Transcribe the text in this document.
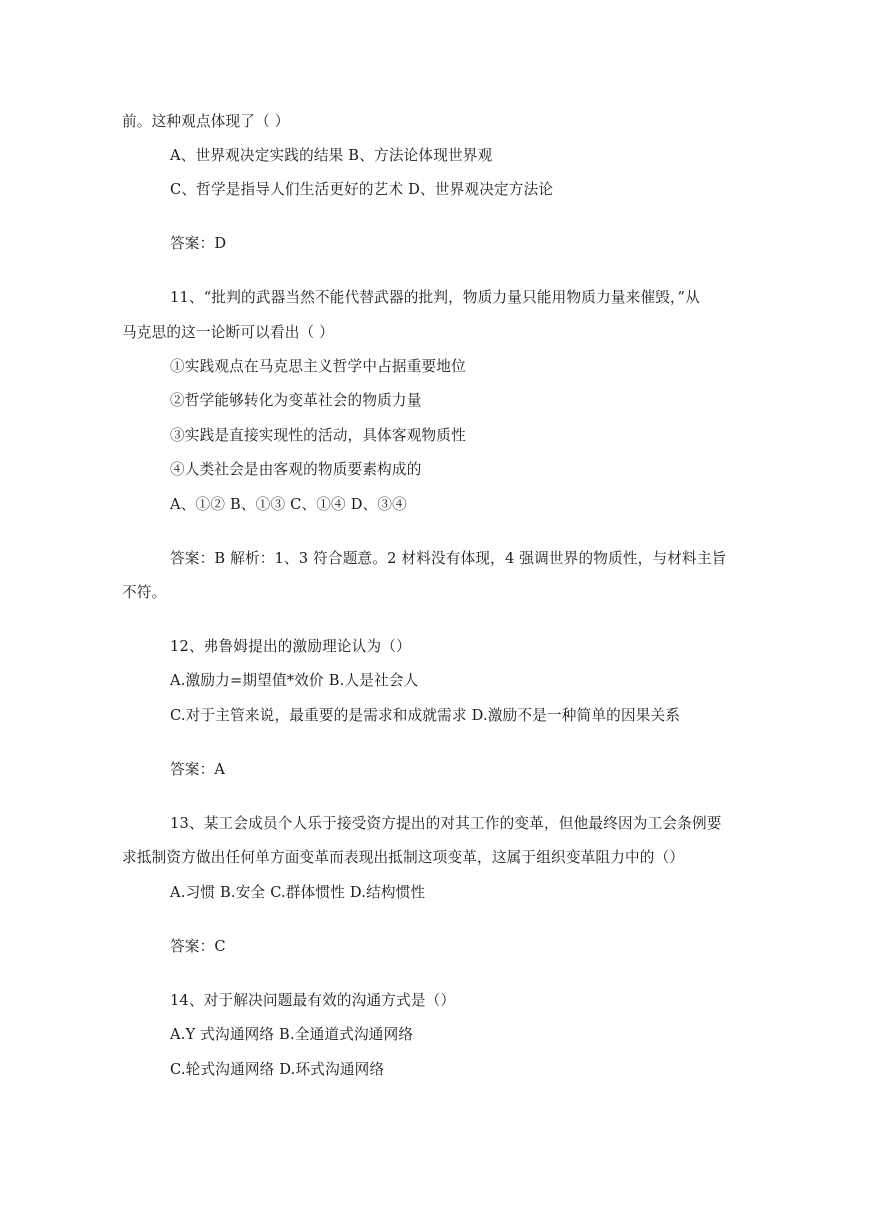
前。这种观点体现了（ ）
A、世界观决定实践的结果 B、方法论体现世界观
C、哲学是指导人们生活更好的艺术 D、世界观决定方法论
答案：D
11、“批判的武器当然不能代替武器的批判，物质力量只能用物质力量来催毁，”从
马克思的这一论断可以看出（ ）
①实践观点在马克思主义哲学中占据重要地位
②哲学能够转化为变革社会的物质力量
③实践是直接实现性的活动，具体客观物质性
④人类社会是由客观的物质要素构成的
A、①② B、①③ C、①④ D、③④
答案：B 解析：1、3 符合题意。2 材料没有体现，4 强调世界的物质性，与材料主旨
不符。
12、弗鲁姆提出的激励理论认为（）
A.激励力=期望值*效价 B.人是社会人
C.对于主管来说，最重要的是需求和成就需求 D.激励不是一种简单的因果关系
答案：A
13、某工会成员个人乐于接受资方提出的对其工作的变革，但他最终因为工会条例要
求抵制资方做出任何单方面变革而表现出抵制这项变革，这属于组织变革阻力中的（）
A.习惯 B.安全 C.群体惯性 D.结构惯性
答案：C
14、对于解决问题最有效的沟通方式是（）
A.Y 式沟通网络 B.全通道式沟通网络
C.轮式沟通网络 D.环式沟通网络
